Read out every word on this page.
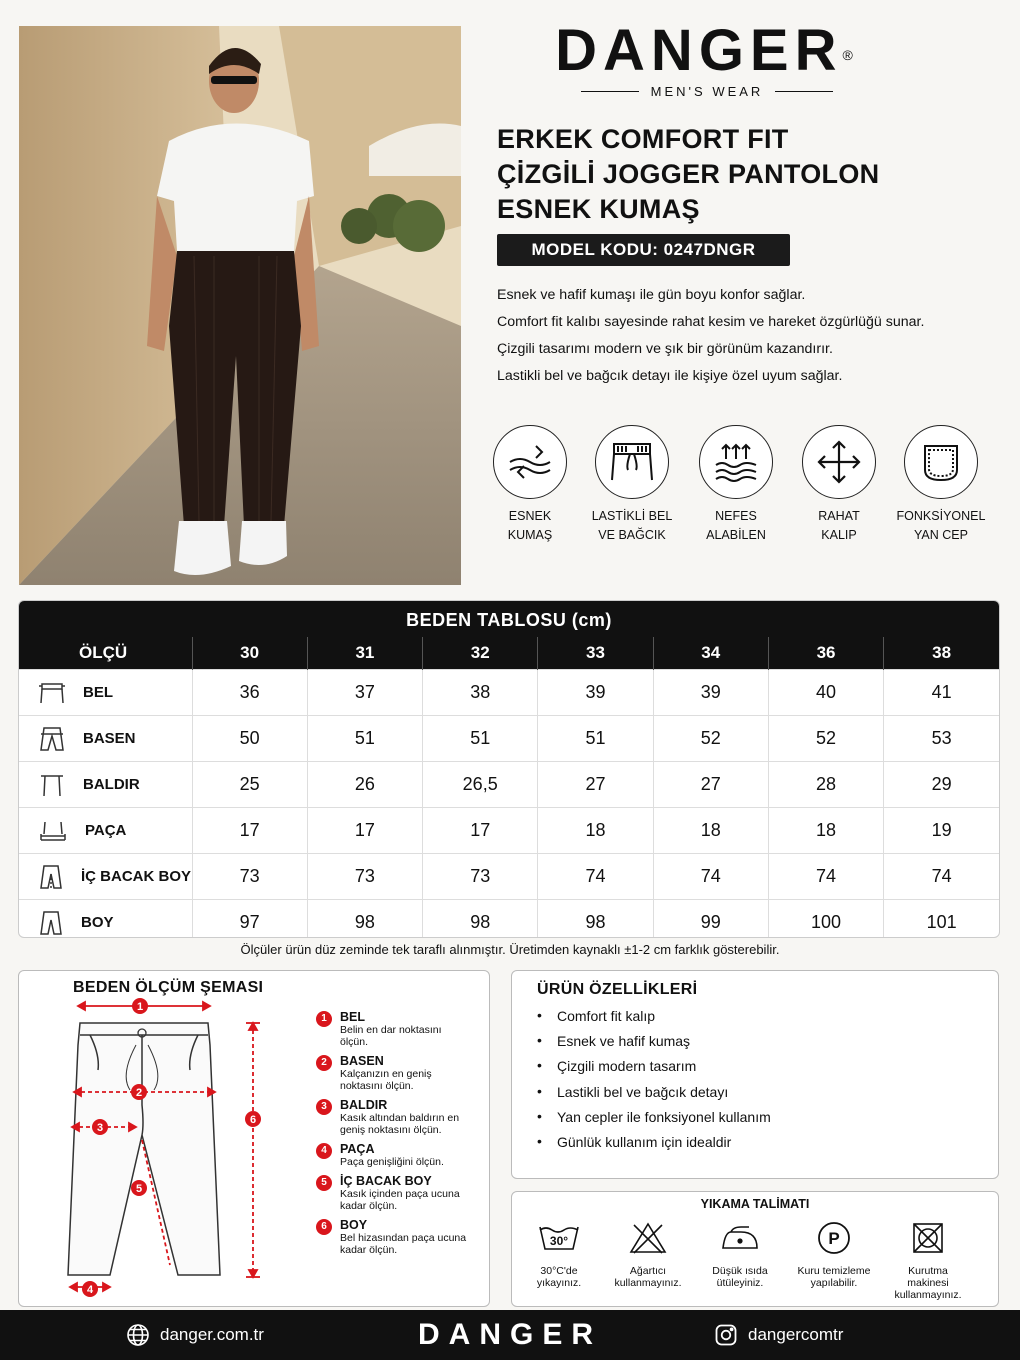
DANGER®
MEN'S WEAR
ERKEK COMFORT FIT
ÇİZGİLİ JOGGER PANTOLON
ESNEK KUMAŞ
MODEL KODU: 0247DNGR
Esnek ve hafif kumaşı ile gün boyu konfor sağlar.
Comfort fit kalıbı sayesinde rahat kesim ve hareket özgürlüğü sunar.
Çizgili tasarımı modern ve şık bir görünüm kazandırır.
Lastikli bel ve bağcık detayı ile kişiye özel uyum sağlar.
ESNEK
KUMAŞ
LASTİKLİ BEL
VE BAĞCIK
NEFES
ALABİLEN
RAHAT
KALIP
FONKSİYONEL
YAN CEP
BEDEN TABLOSU (cm)
ÖLÇÜ	30	31	32	33	34	36	38

BEL	36	37	38	39	39	40	41

BASEN	50	51	51	51	52	52	53

BALDIR	25	26	26,5	27	27	28	29

PAÇA	17	17	17	18	18	18	19

İÇ BACAK BOY	73	73	73	74	74	74	74

BOY	97	98	98	98	99	100	101
Ölçüler ürün düz zeminde tek taraflı alınmıştır. Üretimden kaynaklı ±1-2 cm farklık gösterebilir.
BEDEN ÖLÇÜM ŞEMASI
1
2
3
4
5
6
1	BEL
Belin en dar noktasını ölçün.
2	BASEN
Kalçanızın en geniş noktasını ölçün.
3	BALDIR
Kasık altından baldırın en geniş noktasını ölçün.
4	PAÇA
Paça genişliğini ölçün.
5	İÇ BACAK BOY
Kasık içinden paça ucuna kadar ölçün.
6	BOY
Bel hizasından paça ucuna kadar ölçün.
ÜRÜN ÖZELLİKLERİ
• Comfort fit kalıp
• Esnek ve hafif kumaş
• Çizgili modern tasarım
• Lastikli bel ve bağcık detayı
• Yan cepler ile fonksiyonel kullanım
• Günlük kullanım için idealdir
YIKAMA TALİMATI
30°
30°C'de
yıkayınız.
Ağartıcı
kullanmayınız.
Düşük ısıda
ütüleyiniz.
P
Kuru temizleme
yapılabilir.
Kurutma
makinesi
kullanmayınız.
DANGER
danger.com.tr	dangercomtr
